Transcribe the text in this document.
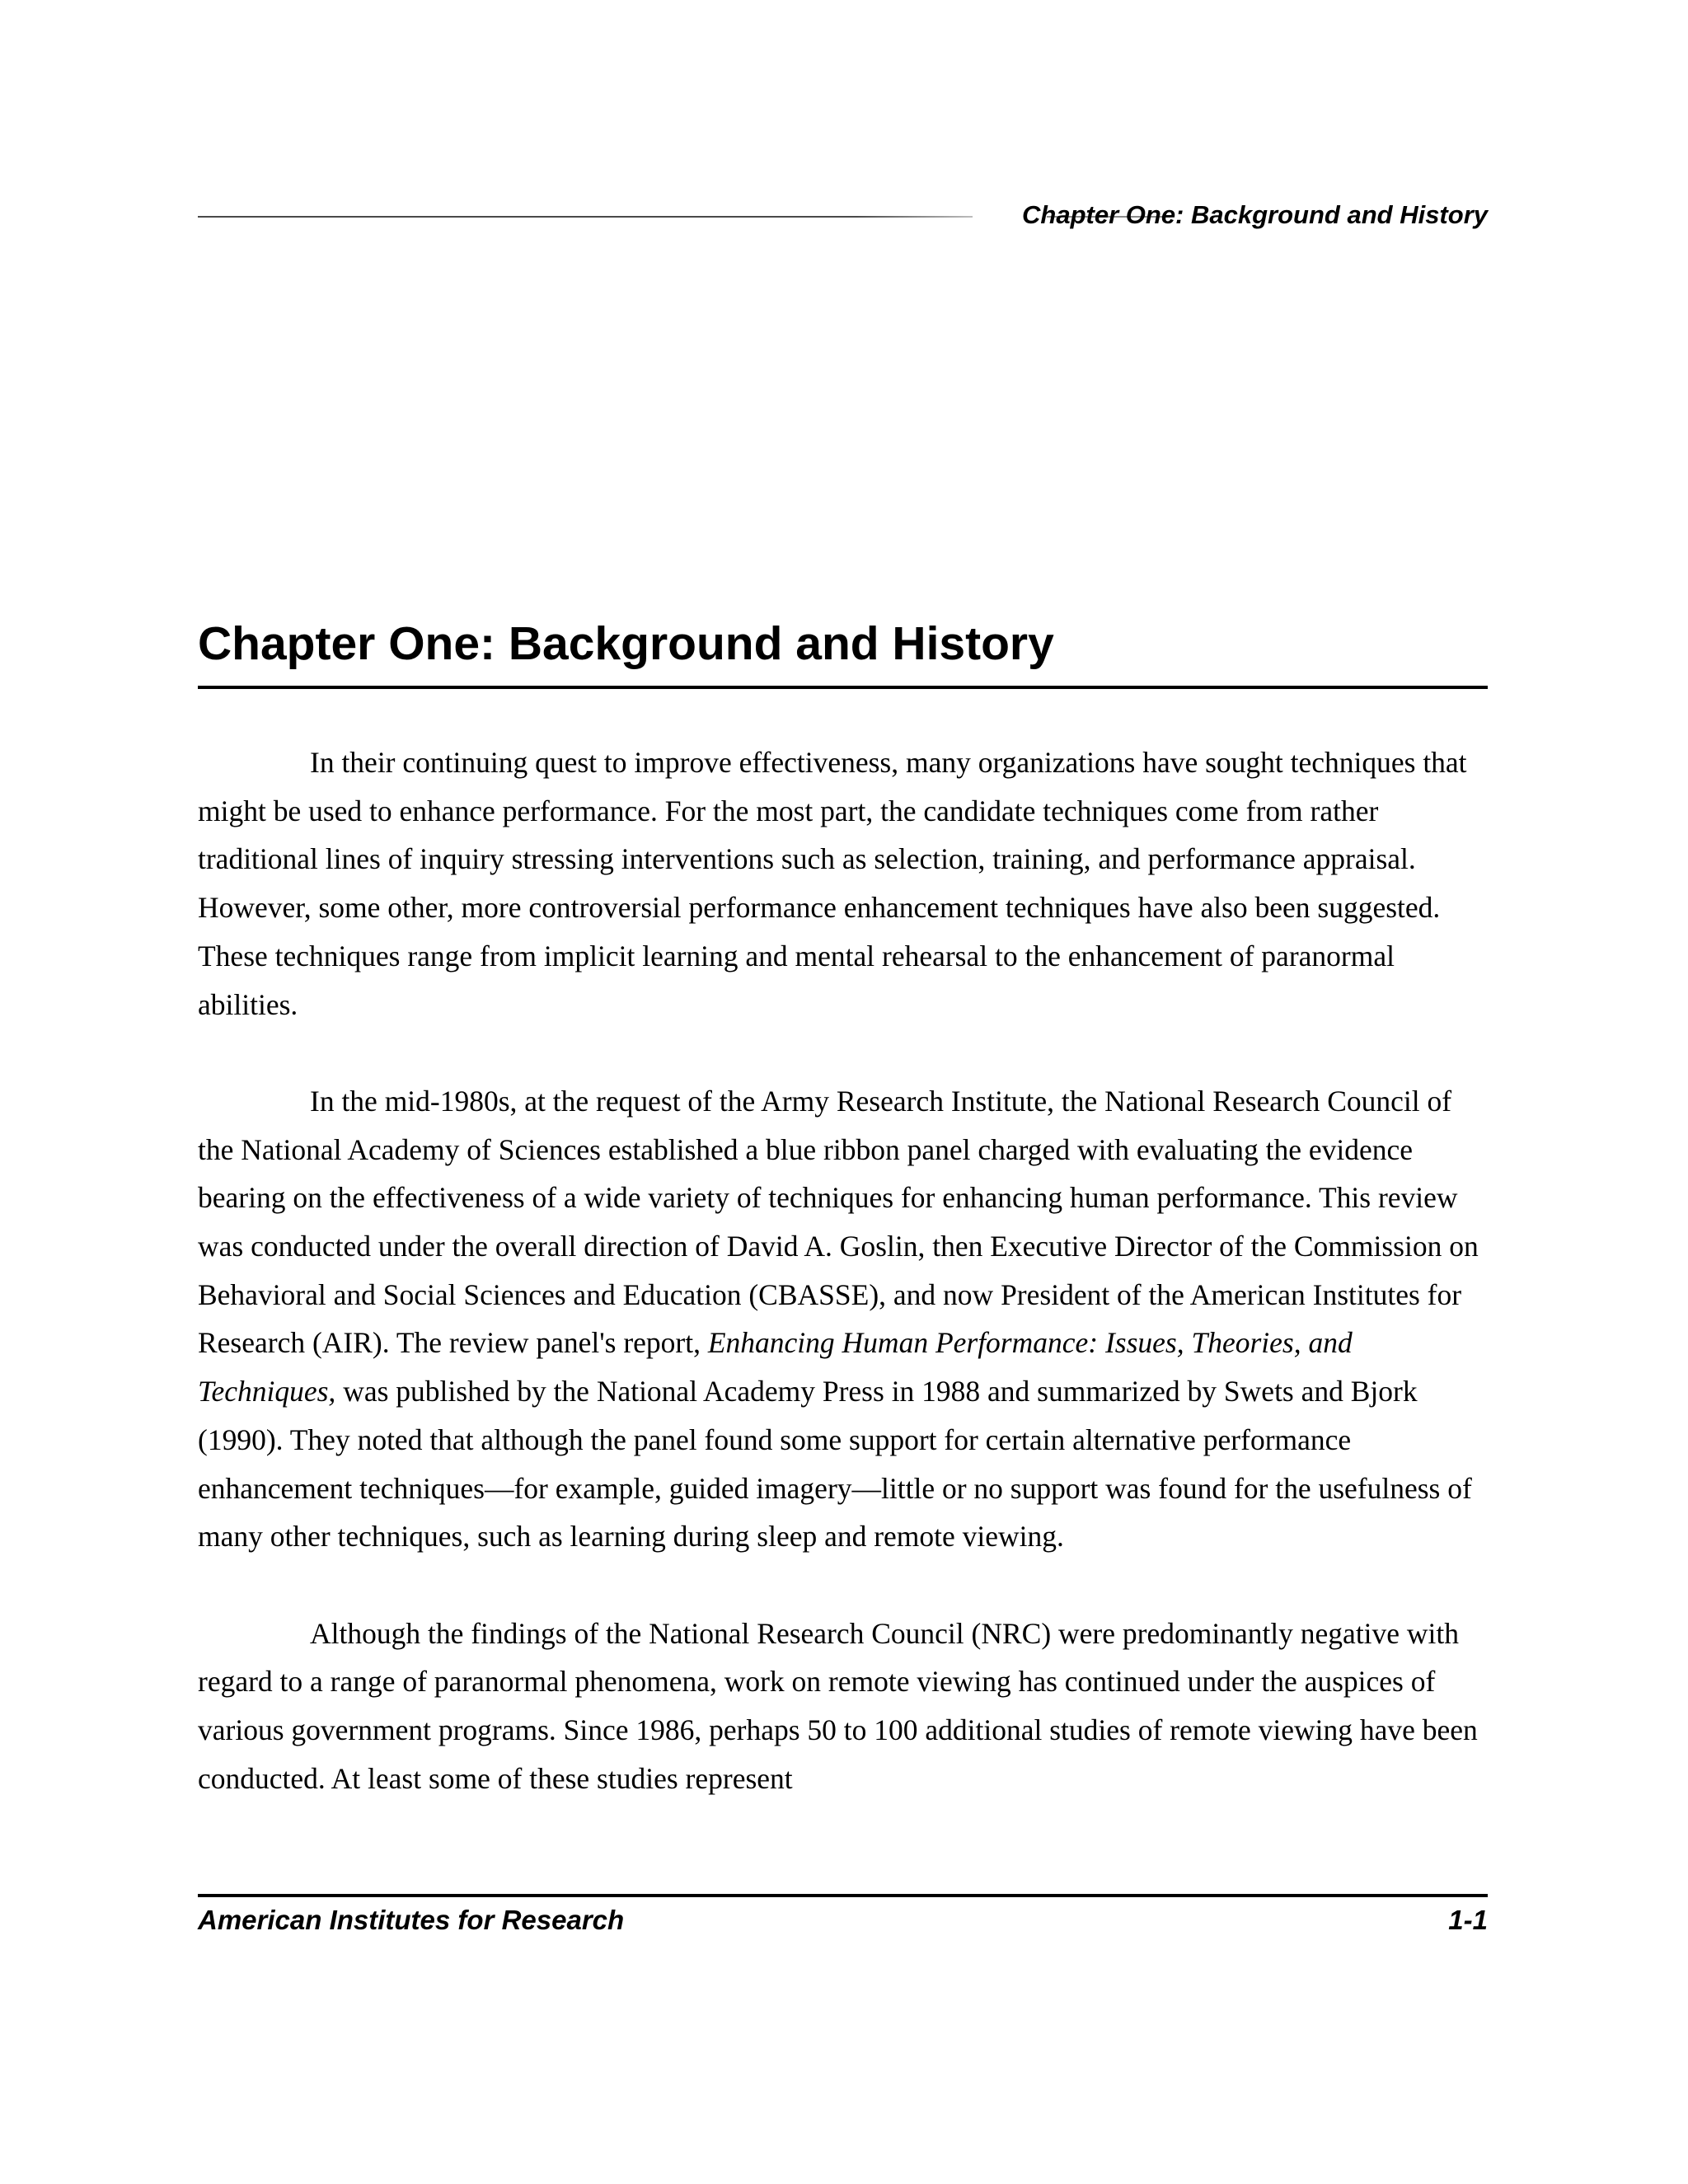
Chapter One: Background and History
Chapter One: Background and History

In their continuing quest to improve effectiveness, many organizations have sought techniques that might be used to enhance performance. For the most part, the candidate techniques come from rather traditional lines of inquiry stressing interventions such as selection, training, and performance appraisal. However, some other, more controversial performance enhancement techniques have also been suggested. These techniques range from implicit learning and mental rehearsal to the enhancement of paranormal abilities.

In the mid-1980s, at the request of the Army Research Institute, the National Research Council of the National Academy of Sciences established a blue ribbon panel charged with evaluating the evidence bearing on the effectiveness of a wide variety of techniques for enhancing human performance. This review was conducted under the overall direction of David A. Goslin, then Executive Director of the Commission on Behavioral and Social Sciences and Education (CBASSE), and now President of the American Institutes for Research (AIR). The review panel's report, Enhancing Human Performance: Issues, Theories, and Techniques, was published by the National Academy Press in 1988 and summarized by Swets and Bjork (1990). They noted that although the panel found some support for certain alternative performance enhancement techniques—for example, guided imagery—little or no support was found for the usefulness of many other techniques, such as learning during sleep and remote viewing.

Although the findings of the National Research Council (NRC) were predominantly negative with regard to a range of paranormal phenomena, work on remote viewing has continued under the auspices of various government programs. Since 1986, perhaps 50 to 100 additional studies of remote viewing have been conducted. At least some of these studies represent

American Institutes for Research	1-1
